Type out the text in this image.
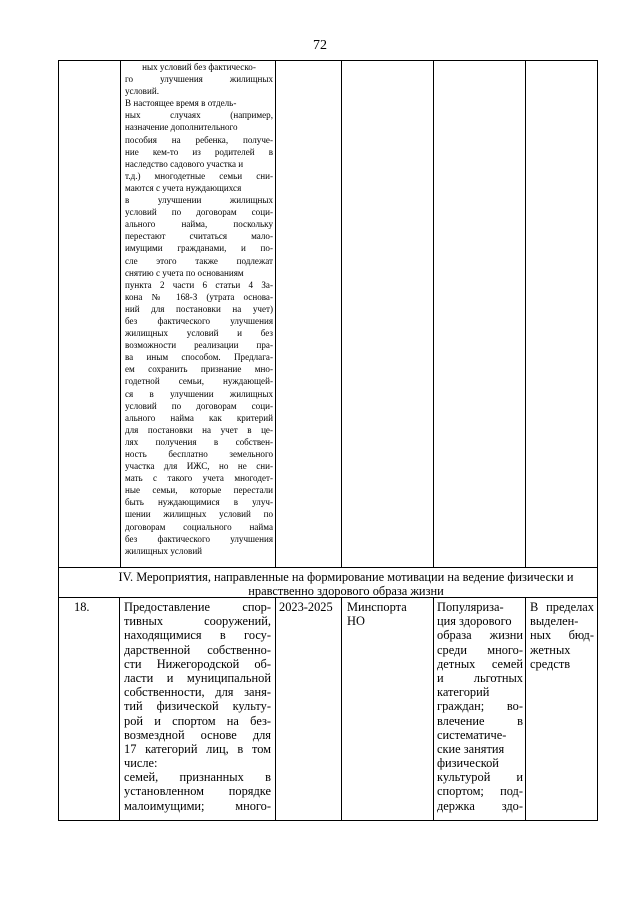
72
ных условий без фактическо-
го улучшения жилищных
условий.
В настоящее время в отдель-
ных случаях (например,
назначение дополнительного
пособия на ребенка, получе-
ние кем-то из родителей в
наследство садового участка и
т.д.) многодетные семьи сни-
маются с учета нуждающихся
в улучшении жилищных
условий по договорам соци-
ального найма, поскольку
перестают считаться мало-
имущими гражданами, и по-
сле этого также подлежат
снятию с учета по основаниям
пункта 2 части 6 статьи 4 За-
кона № 168-З (утрата основа-
ний для постановки на учет)
без фактического улучшения
жилищных условий и без
возможности реализации пра-
ва иным способом. Предлага-
ем сохранить признание мно-
годетной семьи, нуждающей-
ся в улучшении жилищных
условий по договорам соци-
ального найма как критерий
для постановки на учет в це-
лях получения в собствен-
ность бесплатно земельного
участка для ИЖС, но не сни-
мать с такого учета многодет-
ные семьи, которые перестали
быть нуждающимися в улуч-
шении жилищных условий по
договорам социального найма
без фактического улучшения
жилищных условий
IV. Мероприятия, направленные на формирование мотивации на ведение физически и
нравственно здорового образа жизни
18.	Предоставление спор-
тивных сооружений,
находящимися в госу-
дарственной собственно-
сти Нижегородской об-
ласти и муниципальной
собственности, для заня-
тий физической культу-
рой и спортом на без-
возмездной основе для
17 категорий лиц, в том
числе:
семей, признанных в
установленном порядке
малоимущими; много-
2023-2025 Минспорта
НО
Популяриза-
ция здорового
образа жизни
среди много-
детных семей
и льготных
категорий
граждан; во-
влечение в
систематиче-
ские занятия
физической
культурой и
спортом; под-
держка здо-
В пределах
выделен-
ных бюд-
жетных
средств
